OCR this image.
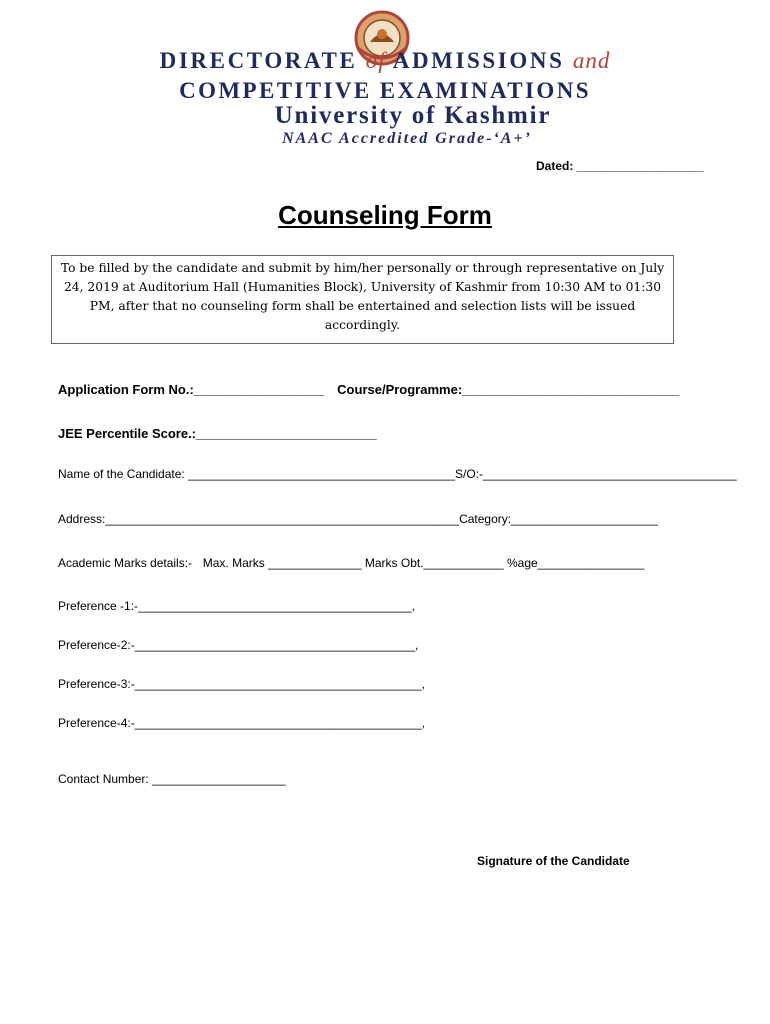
DIRECTORATE of ADMISSIONS and
COMPETITIVE EXAMINATIONS
University of Kashmir
NAAC Accredited Grade-‘A+’
Dated: ___________________
Counseling Form
To be filled by the candidate and submit by him/her personally or through representative on July 24, 2019 at Auditorium Hall (Humanities Block), University of Kashmir from 10:30 AM to 01:30 PM, after that no counseling form shall be entertained and selection lists will be issued accordingly.
Application Form No.:__________________ Course/Programme:______________________________
JEE Percentile Score.:_________________________
Name of the Candidate: ________________________________________S/O:-______________________________________
Address:_____________________________________________________Category:______________________
Academic Marks details:- Max. Marks ______________ Marks Obt.____________ %age________________
Preference -1:-_________________________________________,
Preference-2:-__________________________________________,
Preference-3:-___________________________________________,
Preference-4:-___________________________________________,
Contact Number: ____________________
Signature of the Candidate
